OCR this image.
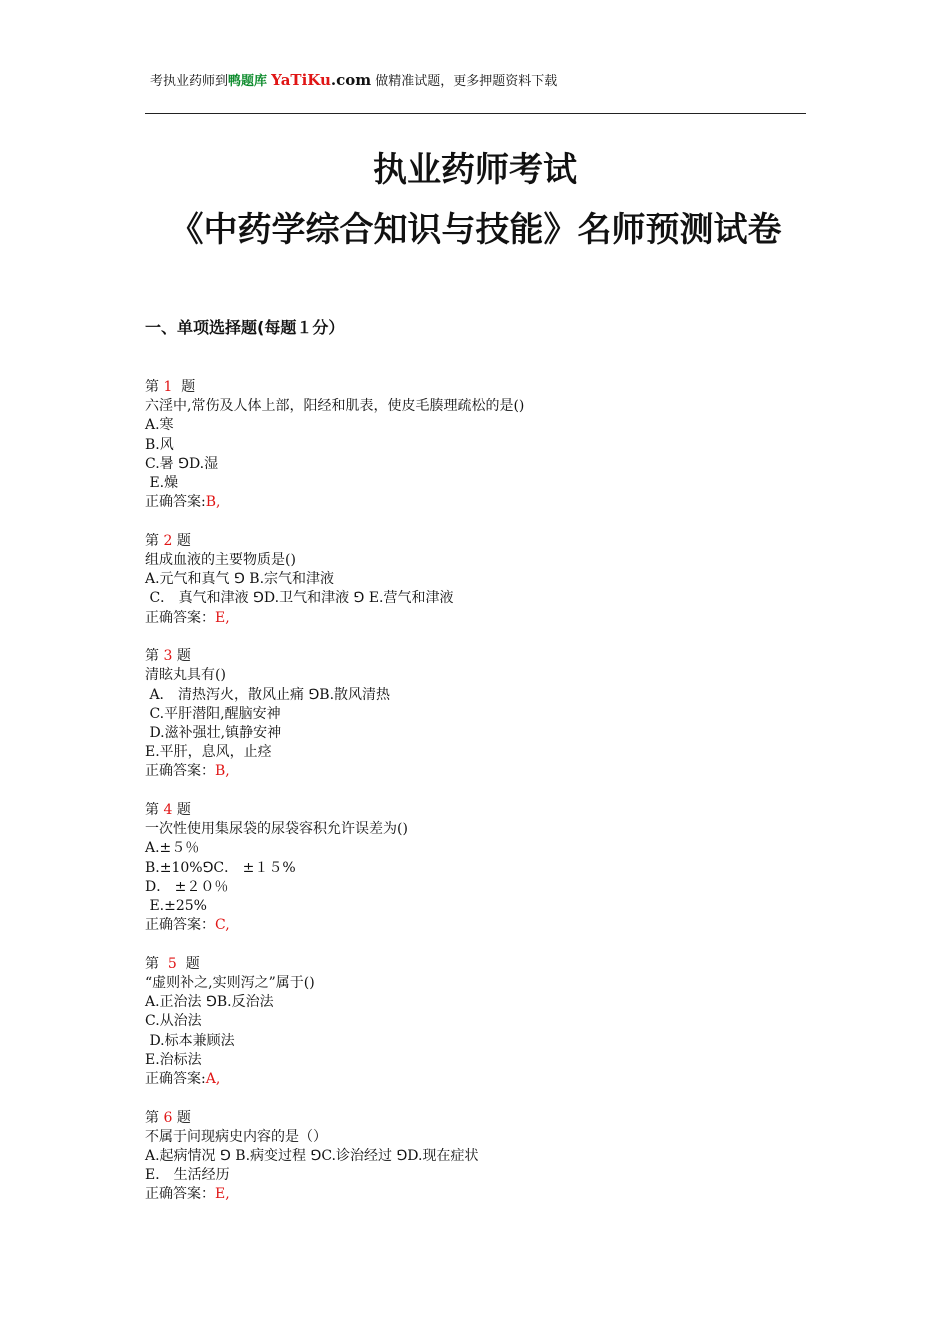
考执业药师到鸭题库 YaTiKu.com 做精准试题，更多押题资料下载
执业药师考试
《中药学综合知识与技能》名师预测试卷
一、单项选择题(每题１分）
第 1  题
六淫中,常伤及人体上部，阳经和肌表，使皮毛腠理疏松的是()
A.寒
B.风
C.暑 ⅁D.湿
E.燥
正确答案:B,
第 2 题
组成血液的主要物质是()
A.元气和真气 ⅁ B.宗气和津液
C． 真气和津液 ⅁D.卫气和津液 ⅁ E.营气和津液
正确答案：E,
第 3 题
清眩丸具有()
A． 清热泻火，散风止痛 ⅁B.散风清热
C.平肝潜阳,醒脑安神
D.滋补强壮,镇静安神
E.平肝，息风，止痉
正确答案：B,
第 4 题
一次性使用集尿袋的尿袋容积允许误差为()
A.±５％
B.±10%⅁C． ±１５%
D． ±２０％
E.±25%
正确答案：C,
第  5  题
“虚则补之,实则泻之”属于()
A.正治法 ⅁B.反治法
C.从治法
D.标本兼顾法
E.治标法
正确答案:A,
第 6 题
不属于问现病史内容的是（）
A.起病情况 ⅁ B.病变过程 ⅁C.诊治经过 ⅁D.现在症状
E． 生活经历
正确答案：E,
